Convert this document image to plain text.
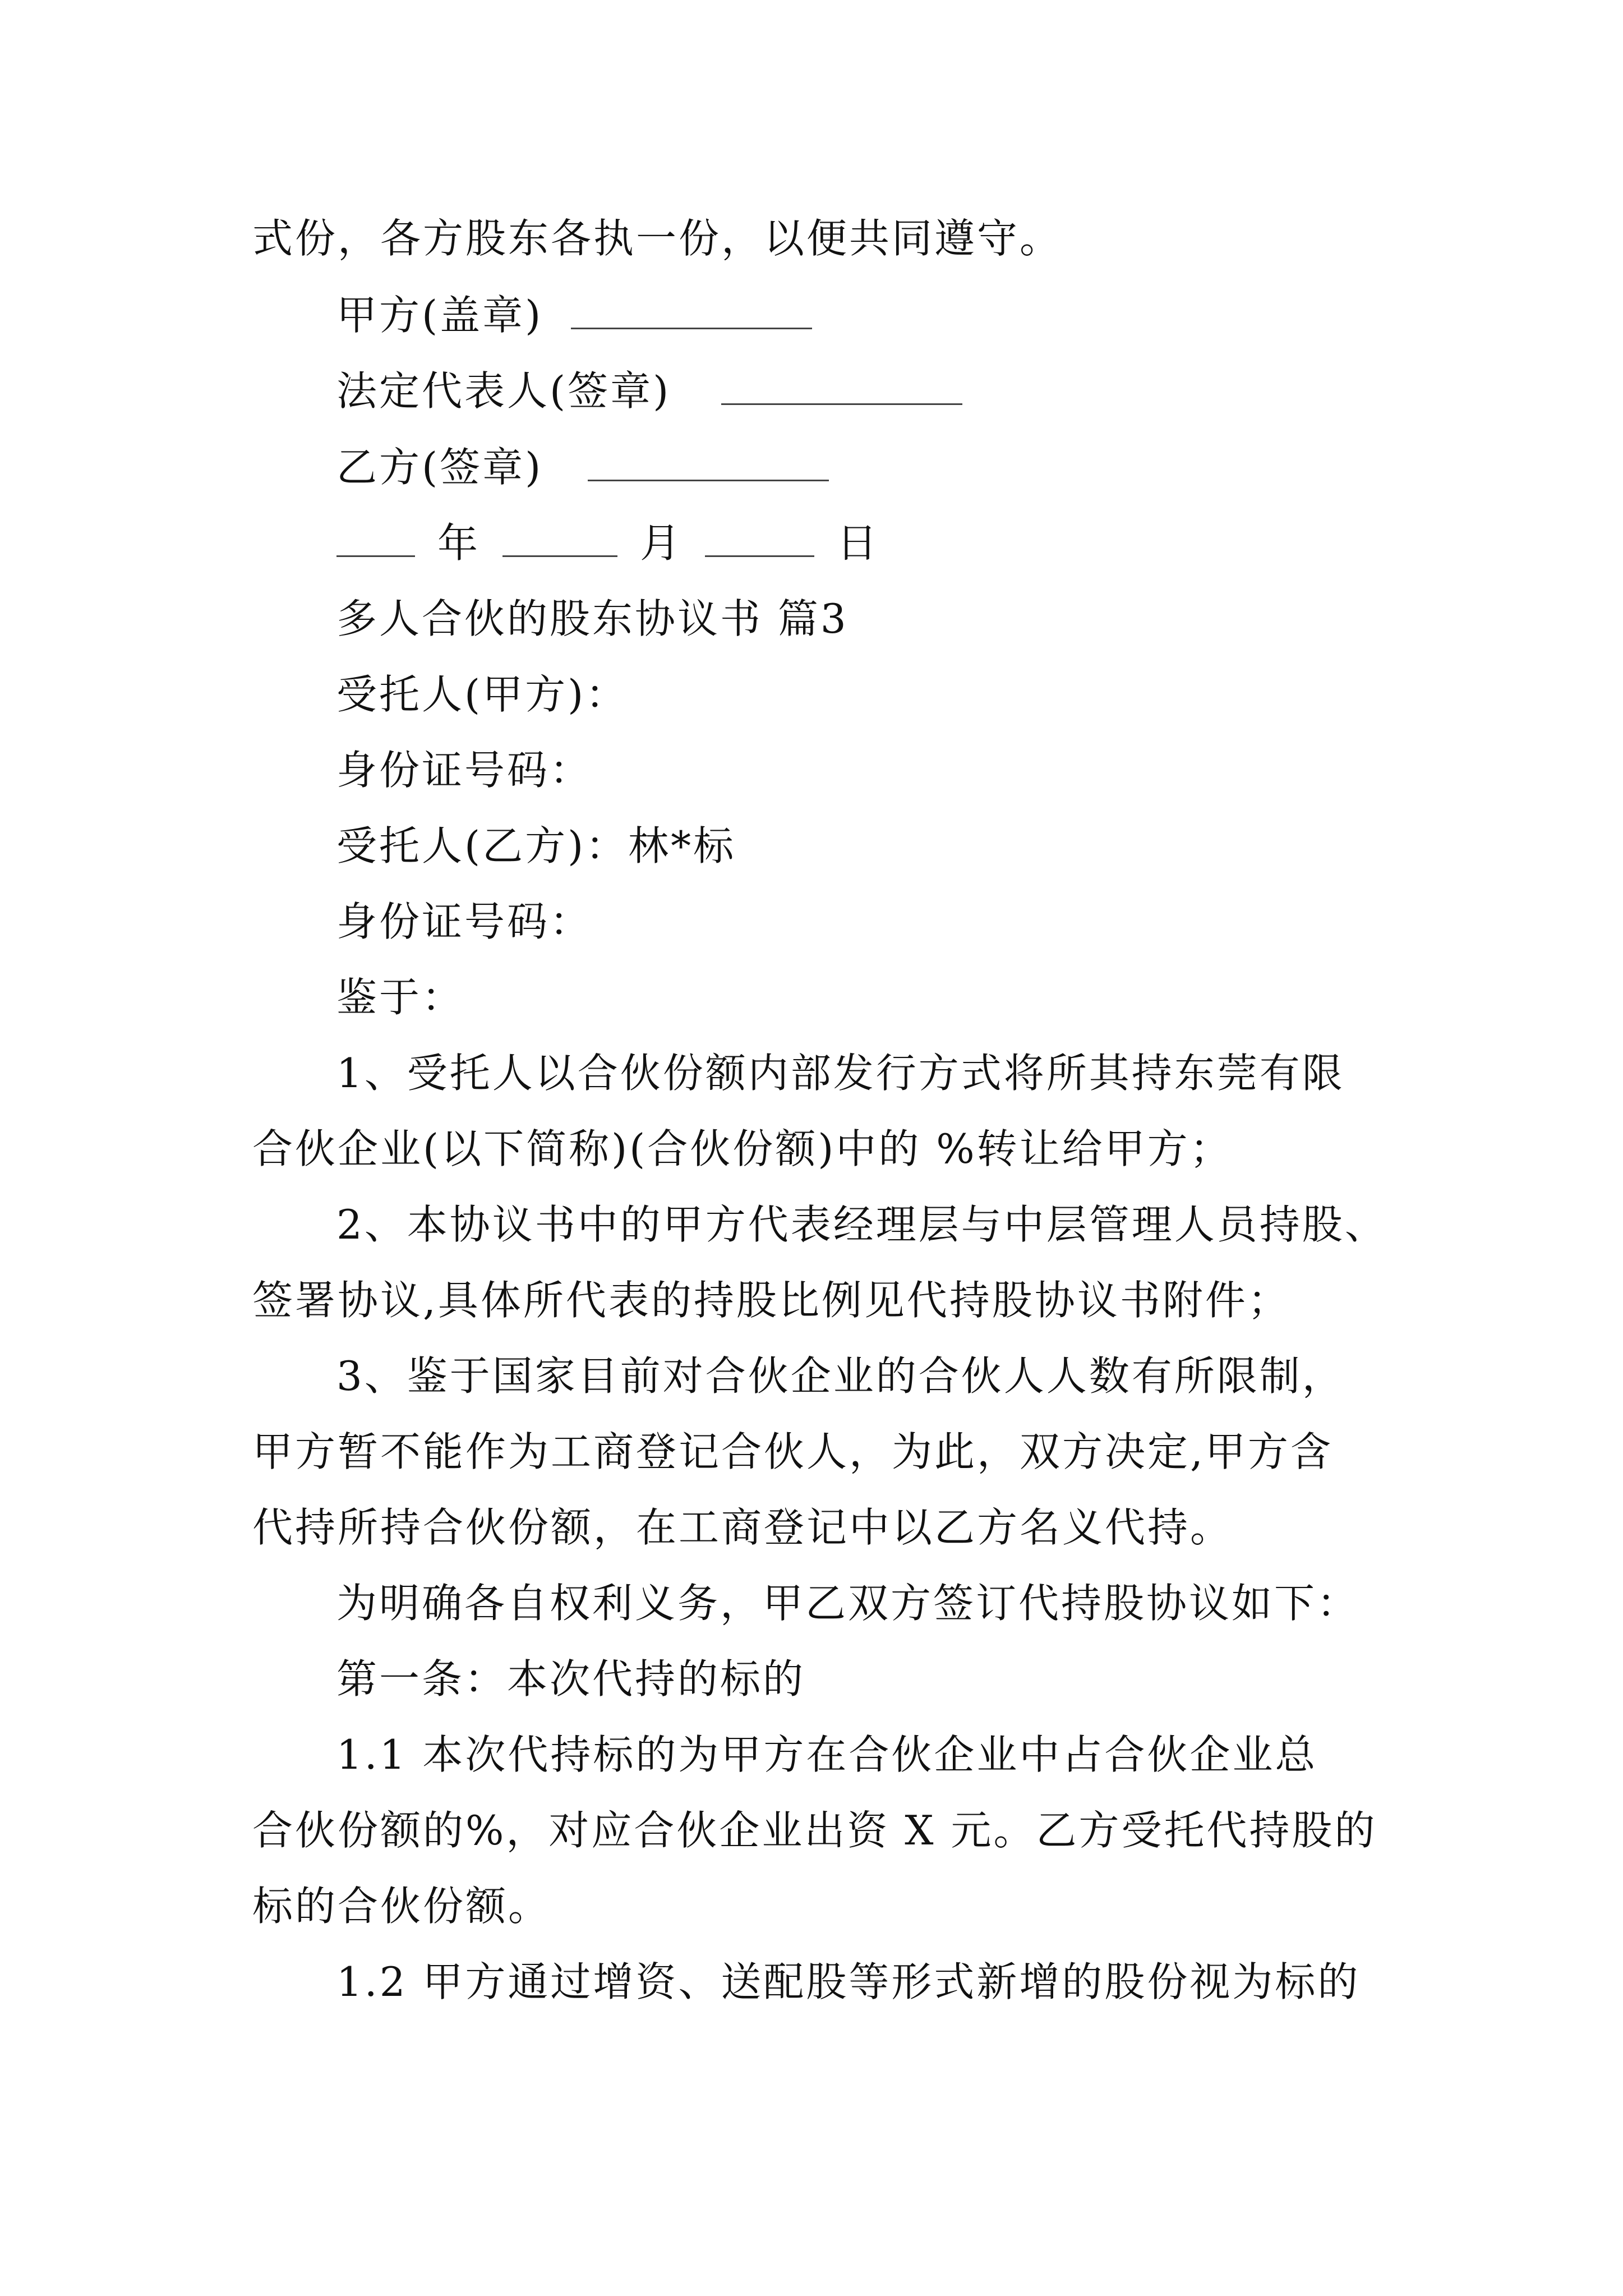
式份，各方股东各执一份，以便共同遵守。
甲方(盖章)
法定代表人(签章)
乙方(签章)
年	月	日
多人合伙的股东协议书 篇3
受托人(甲方)：
身份证号码：
受托人(乙方)：林*标
身份证号码：
鉴于：
1、受托人以合伙份额内部发行方式将所其持东莞有限
合伙企业(以下简称)(合伙份额)中的 %转让给甲方；
2、本协议书中的甲方代表经理层与中层管理人员持股、
签署协议,具体所代表的持股比例见代持股协议书附件；
3、鉴于国家目前对合伙企业的合伙人人数有所限制，
甲方暂不能作为工商登记合伙人，为此，双方决定,甲方含
代持所持合伙份额，在工商登记中以乙方名义代持。
为明确各自权利义务，甲乙双方签订代持股协议如下：
第一条：本次代持的标的
1.1 本次代持标的为甲方在合伙企业中占合伙企业总
合伙份额的%，对应合伙企业出资 X 元。乙方受托代持股的
标的合伙份额。
1.2 甲方通过增资、送配股等形式新增的股份视为标的
